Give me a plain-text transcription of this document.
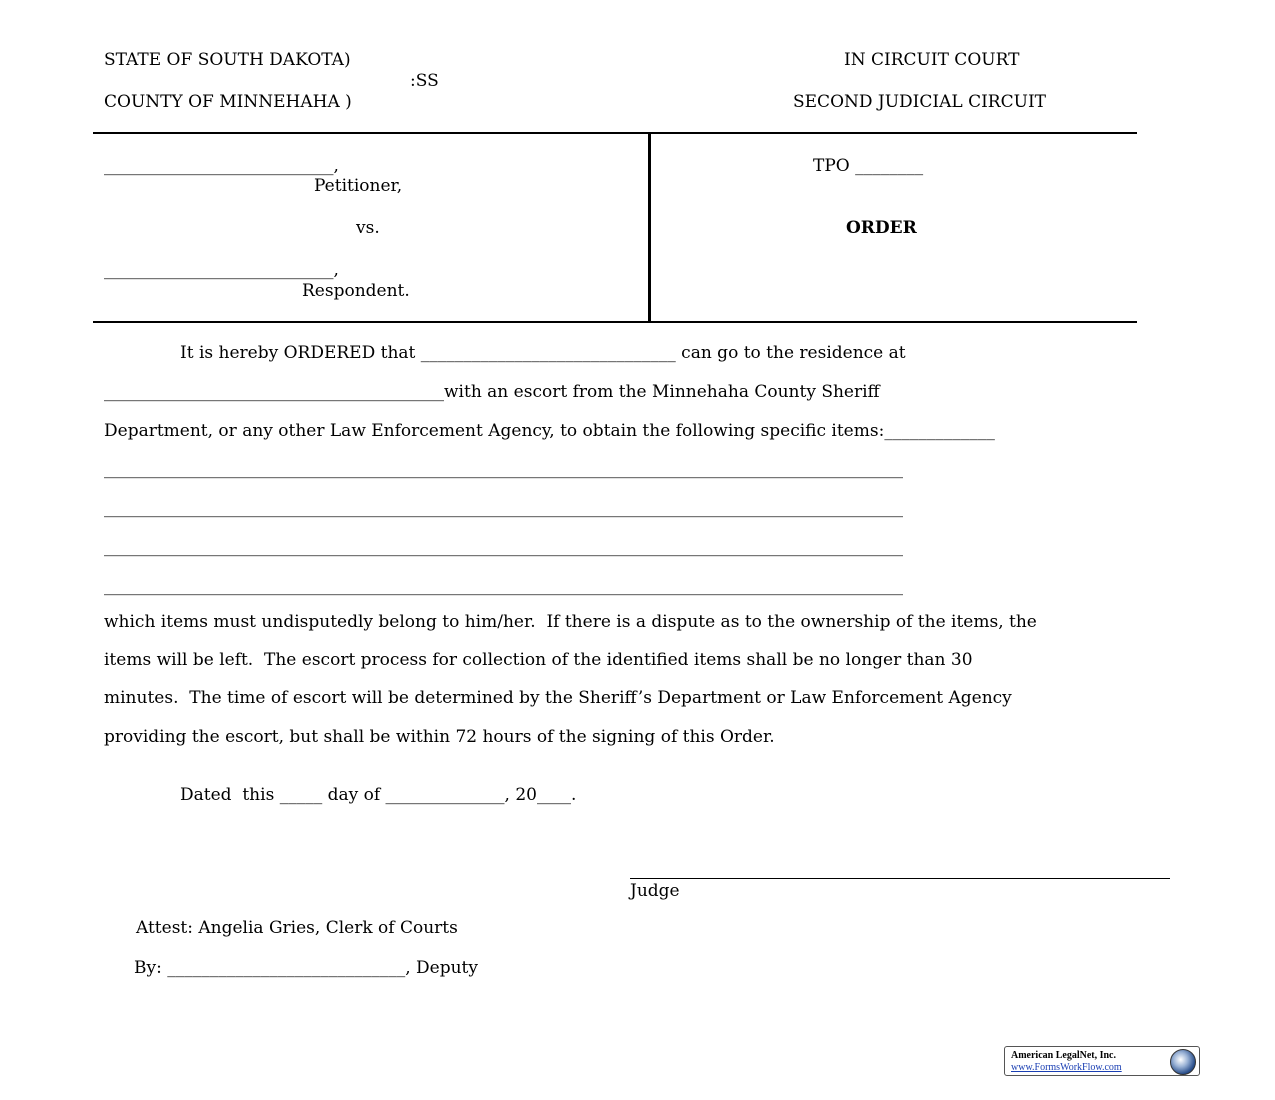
STATE OF SOUTH DAKOTA)
:SS
COUNTY OF MINNEHAHA )
IN CIRCUIT COURT
SECOND JUDICIAL CIRCUIT
___________________________,
Petitioner,
vs.
___________________________,
Respondent.
TPO ________
ORDER
It is hereby ORDERED that ______________________________ can go to the residence at
________________________________________with an escort from the Minnehaha County Sheriff
Department, or any other Law Enforcement Agency, to obtain the following specific items:_____________
______________________________________________________________________________________________
______________________________________________________________________________________________
______________________________________________________________________________________________
______________________________________________________________________________________________
which items must undisputedly belong to him/her.  If there is a dispute as to the ownership of the items, the
items will be left.  The escort process for collection of the identified items shall be no longer than 30
minutes.  The time of escort will be determined by the Sheriff’s Department or Law Enforcement Agency
providing the escort, but shall be within 72 hours of the signing of this Order.
Dated  this _____ day of ______________, 20____.
Judge
Attest: Angelia Gries, Clerk of Courts
By: ____________________________, Deputy
American LegalNet, Inc.
www.FormsWorkFlow.com
